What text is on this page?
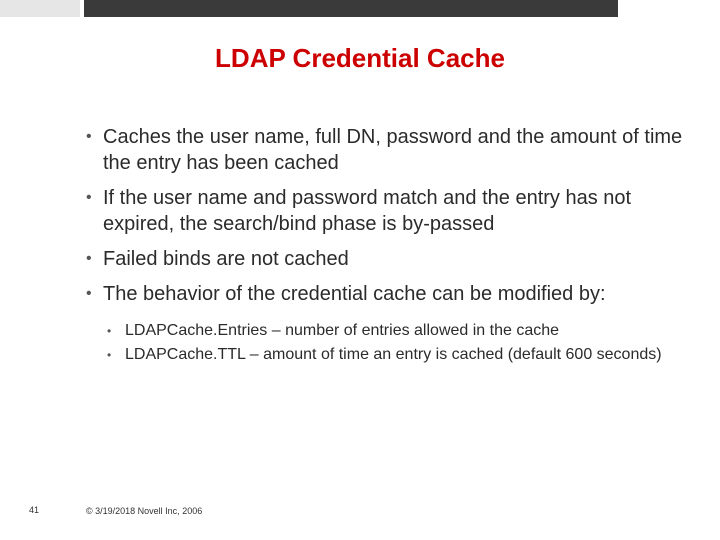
LDAP Credential Cache
• Caches the user name, full DN, password and the amount of time the entry has been cached
• If the user name and password match and the entry has not expired, the search/bind phase is by-passed
• Failed binds are not cached
• The behavior of the credential cache can be modified by:
• LDAPCache.Entries – number of entries allowed in the cache
• LDAPCache.TTL – amount of time an entry is cached (default 600 seconds)
41	© 3/19/2018 Novell Inc, 2006
